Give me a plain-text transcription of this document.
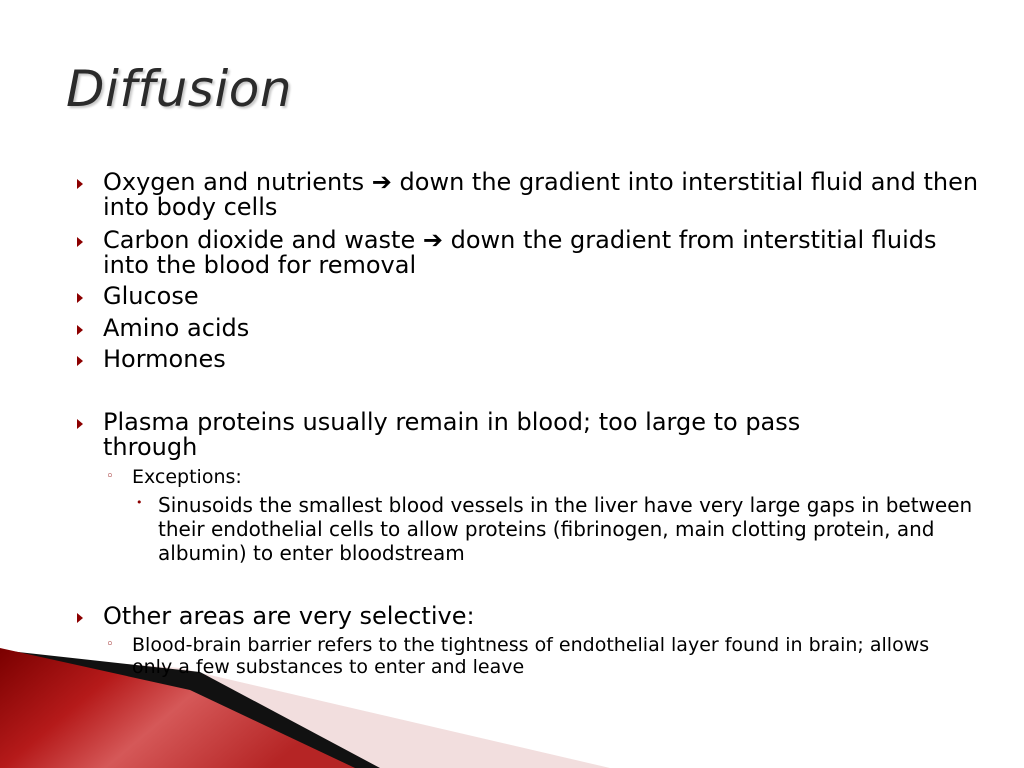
Diffusion
Oxygen and nutrients ➔ down the gradient into interstitial fluid and then into body cells
Carbon dioxide and waste ➔ down the gradient from interstitial fluids into the blood for removal
Glucose
Amino acids
Hormones
Plasma proteins usually remain in blood; too large to pass through
◦ Exceptions:
• Sinusoids the smallest blood vessels in the liver have very large gaps in between their endothelial cells to allow proteins (fibrinogen, main clotting protein, and albumin) to enter bloodstream
Other areas are very selective:
◦ Blood-brain barrier refers to the tightness of endothelial layer found in brain; allows only a few substances to enter and leave
